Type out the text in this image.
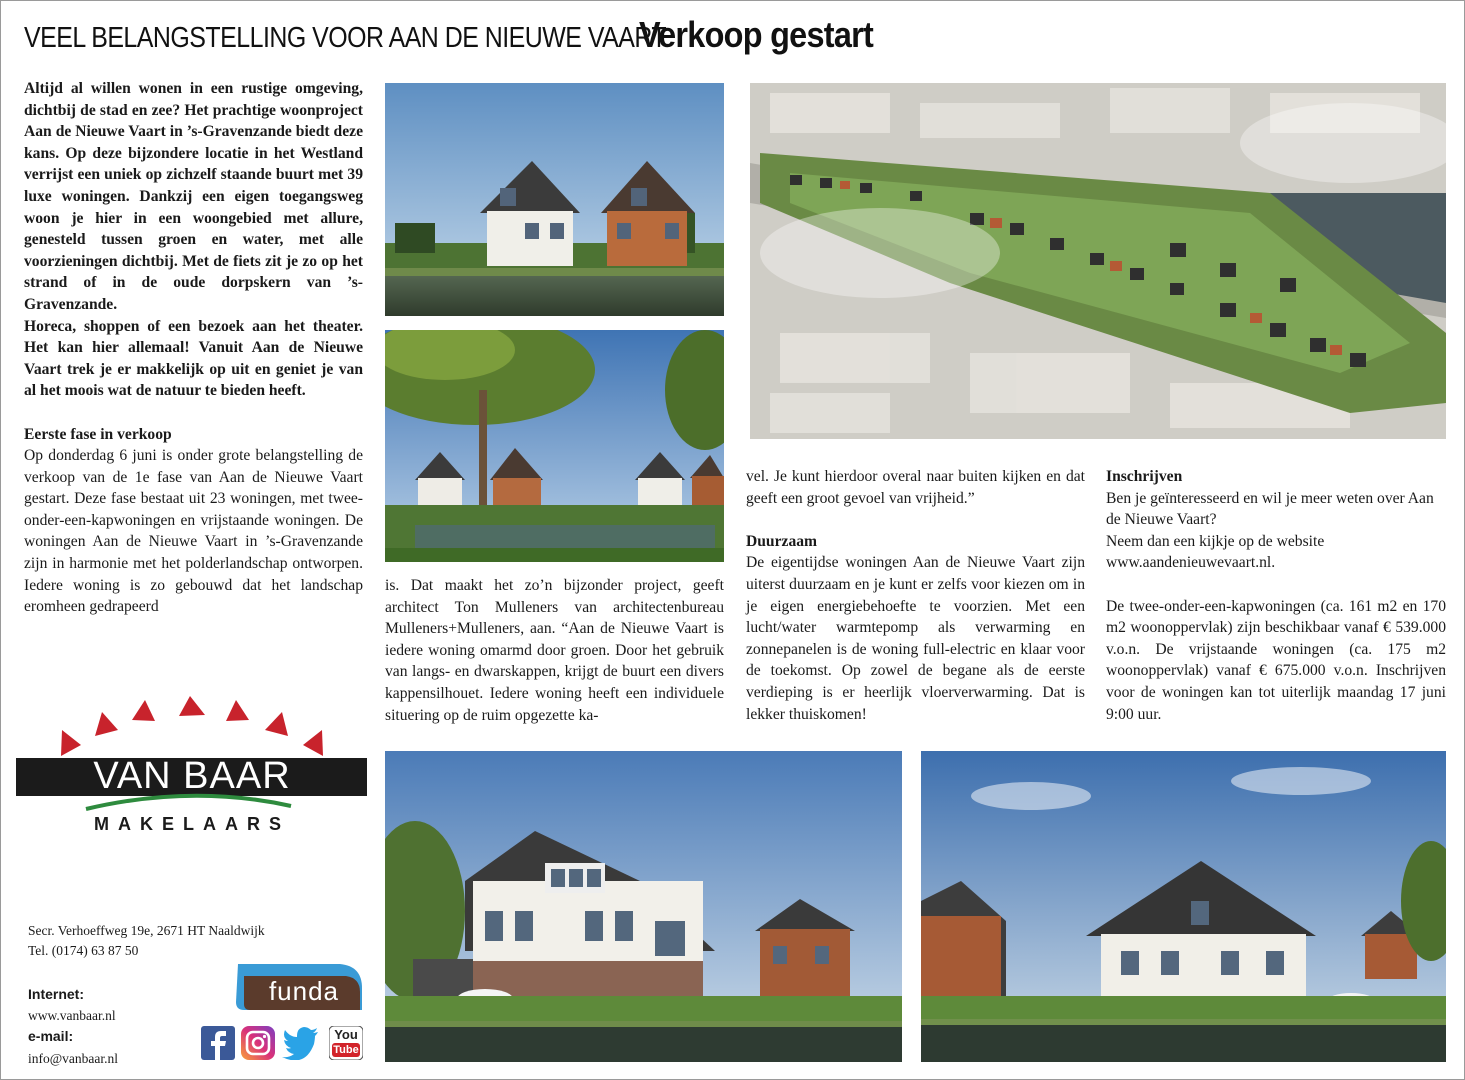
VEEL BELANGSTELLING VOOR AAN DE NIEUWE VAART
Verkoop gestart

Altijd al willen wonen in een rustige omgeving, dichtbij de stad en zee? Het prachtige woonproject Aan de Nieuwe Vaart in ’s-Gravenzande biedt deze kans. Op deze bijzondere locatie in het Westland verrijst een uniek op zichzelf staande buurt met 39 luxe woningen. Dankzij een eigen toegangsweg woon je hier in een woongebied met allure, genesteld tussen groen en water, met alle voorzieningen dichtbij. Met de fiets zit je zo op het strand of in de oude dorpskern van ’s-Gravenzande.

Horeca, shoppen of een bezoek aan het theater. Het kan hier allemaal! Vanuit Aan de Nieuwe Vaart trek je er makkelijk op uit en geniet je van al het moois wat de natuur te bieden heeft.

Eerste fase in verkoop

Op donderdag 6 juni is onder grote belangstelling de verkoop van de 1e fase van Aan de Nieuwe Vaart gestart. Deze fase bestaat uit 23 woningen, met twee-onder-een-kapwoningen en vrijstaande woningen. De woningen Aan de Nieuwe Vaart in ’s-Gravenzande zijn in harmonie met het polderlandschap ontworpen. Iedere woning is zo gebouwd dat het landschap eromheen gedrapeerd

is. Dat maakt het zo’n bijzonder project, geeft architect Ton Mulleners van architectenbureau Mulleners+Mulleners, aan. “Aan de Nieuwe Vaart is iedere woning omarmd door groen. Door het gebruik van langs- en dwarskappen, krijgt de buurt een divers kappensilhouet. Iedere woning heeft een individuele situering op de ruim opgezette ka-

vel. Je kunt hierdoor overal naar buiten kijken en dat geeft een groot gevoel van vrijheid.”

Duurzaam

De eigentijdse woningen Aan de Nieuwe Vaart zijn uiterst duurzaam en je kunt er zelfs voor kiezen om in je eigen energiebehoefte te voorzien. Met een lucht/water warmtepomp als verwarming en zonnepanelen is de woning full-electric en klaar voor de toekomst. Op zowel de begane als de eerste verdieping is er heerlijk vloerverwarming. Dat is lekker thuiskomen!

Inschrijven

Ben je geïnteresseerd en wil je meer weten over Aan de Nieuwe Vaart?

Neem dan een kijkje op de website

www.aandenieuwevaart.nl.

De twee-onder-een-kapwoningen (ca. 161 m2 en 170 m2 woonoppervlak) zijn beschikbaar vanaf € 539.000 v.o.n. De vrijstaande woningen (ca. 175 m2 woonoppervlak) vanaf € 675.000 v.o.n. Inschrijven voor de woningen kan tot uiterlijk maandag 17 juni 9:00 uur.

VAN BAAR
MAKELAARS
Secr. Verhoeffweg 19e, 2671 HT Naaldwijk
Tel. (0174) 63 87 50
Internet:
www.vanbaar.nl
e-mail:
info@vanbaar.nl
funda
You
Tube
